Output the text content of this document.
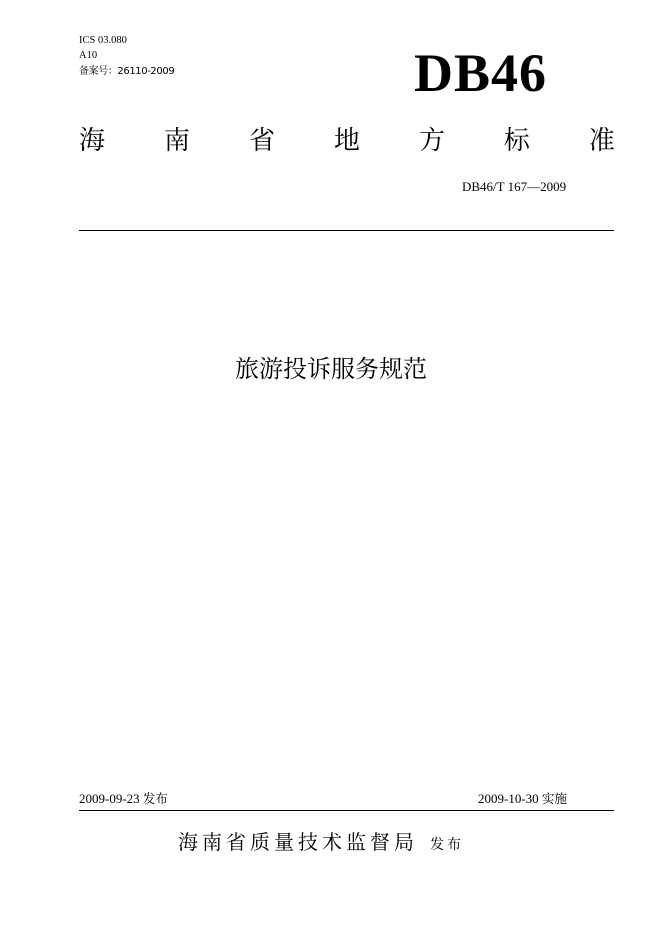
ICS 03.080
A10
备案号：26110-2009	DB46
海 南 省 地 方 标 准
DB46/T 167—2009
旅游投诉服务规范
2009-09-23 发布	2009-10-30 实施
海南省质量技术监督局 发布
